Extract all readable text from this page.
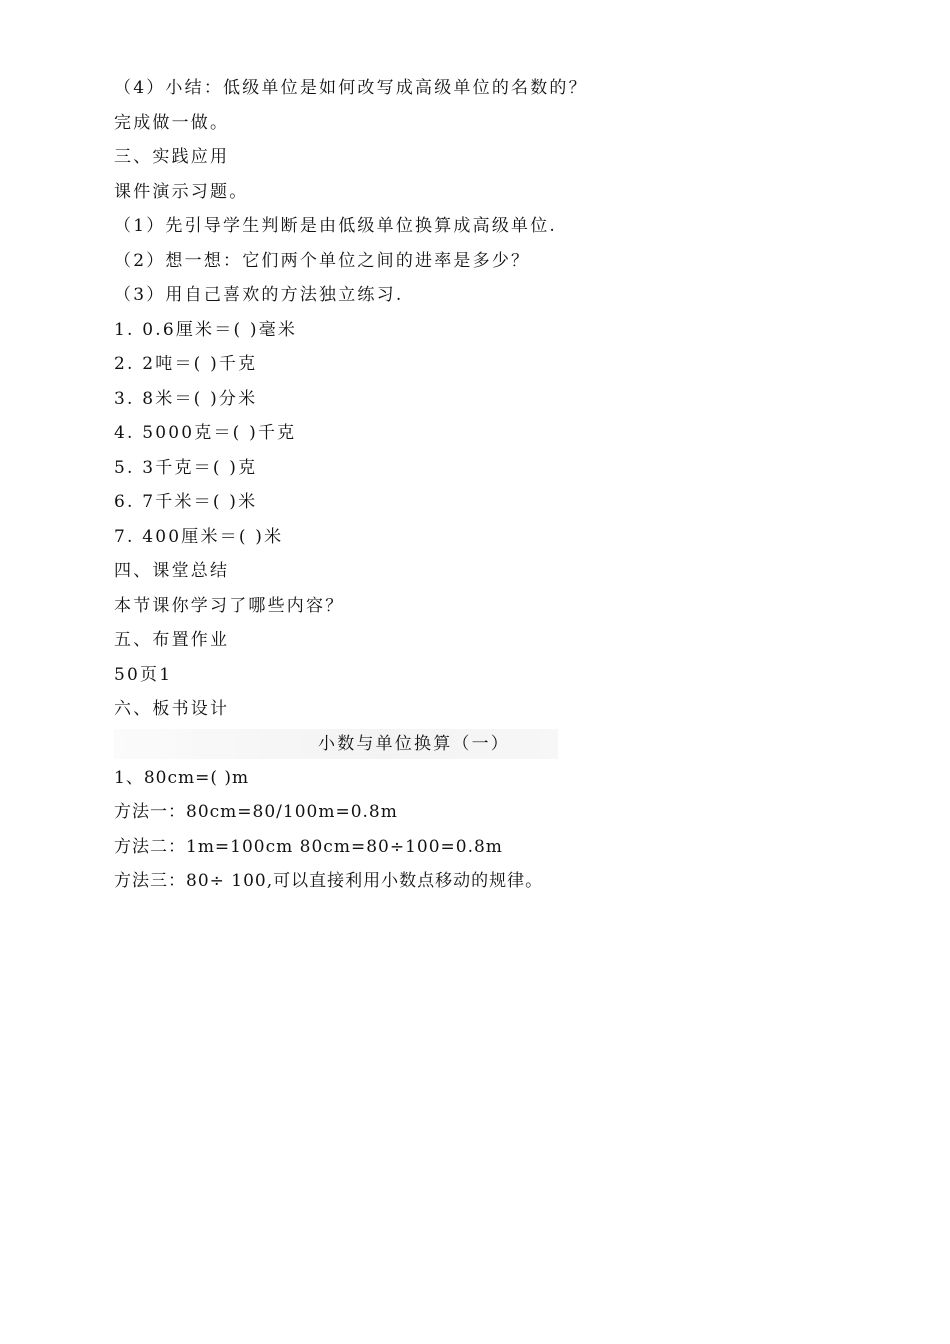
（4）小结：低级单位是如何改写成高级单位的名数的？
完成做一做。
三、实践应用
课件演示习题。
（1）先引导学生判断是由低级单位换算成高级单位.
（2）想一想：它们两个单位之间的进率是多少？
（3）用自己喜欢的方法独立练习.
1. 0.6厘米＝( )毫米
2. 2吨＝( )千克
3. 8米＝( )分米
4. 5000克＝( )千克
5. 3千克＝( )克
6. 7千米＝( )米
7. 400厘米＝( )米
四、课堂总结
本节课你学习了哪些内容？
五、布置作业
50页1
六、板书设计
小数与单位换算（一）
1、80cm=( )m
方法一：80cm=80/100m=0.8m
方法二：1m=100cm 80cm=80÷100=0.8m
方法三：80÷ 100,可以直接利用小数点移动的规律。
